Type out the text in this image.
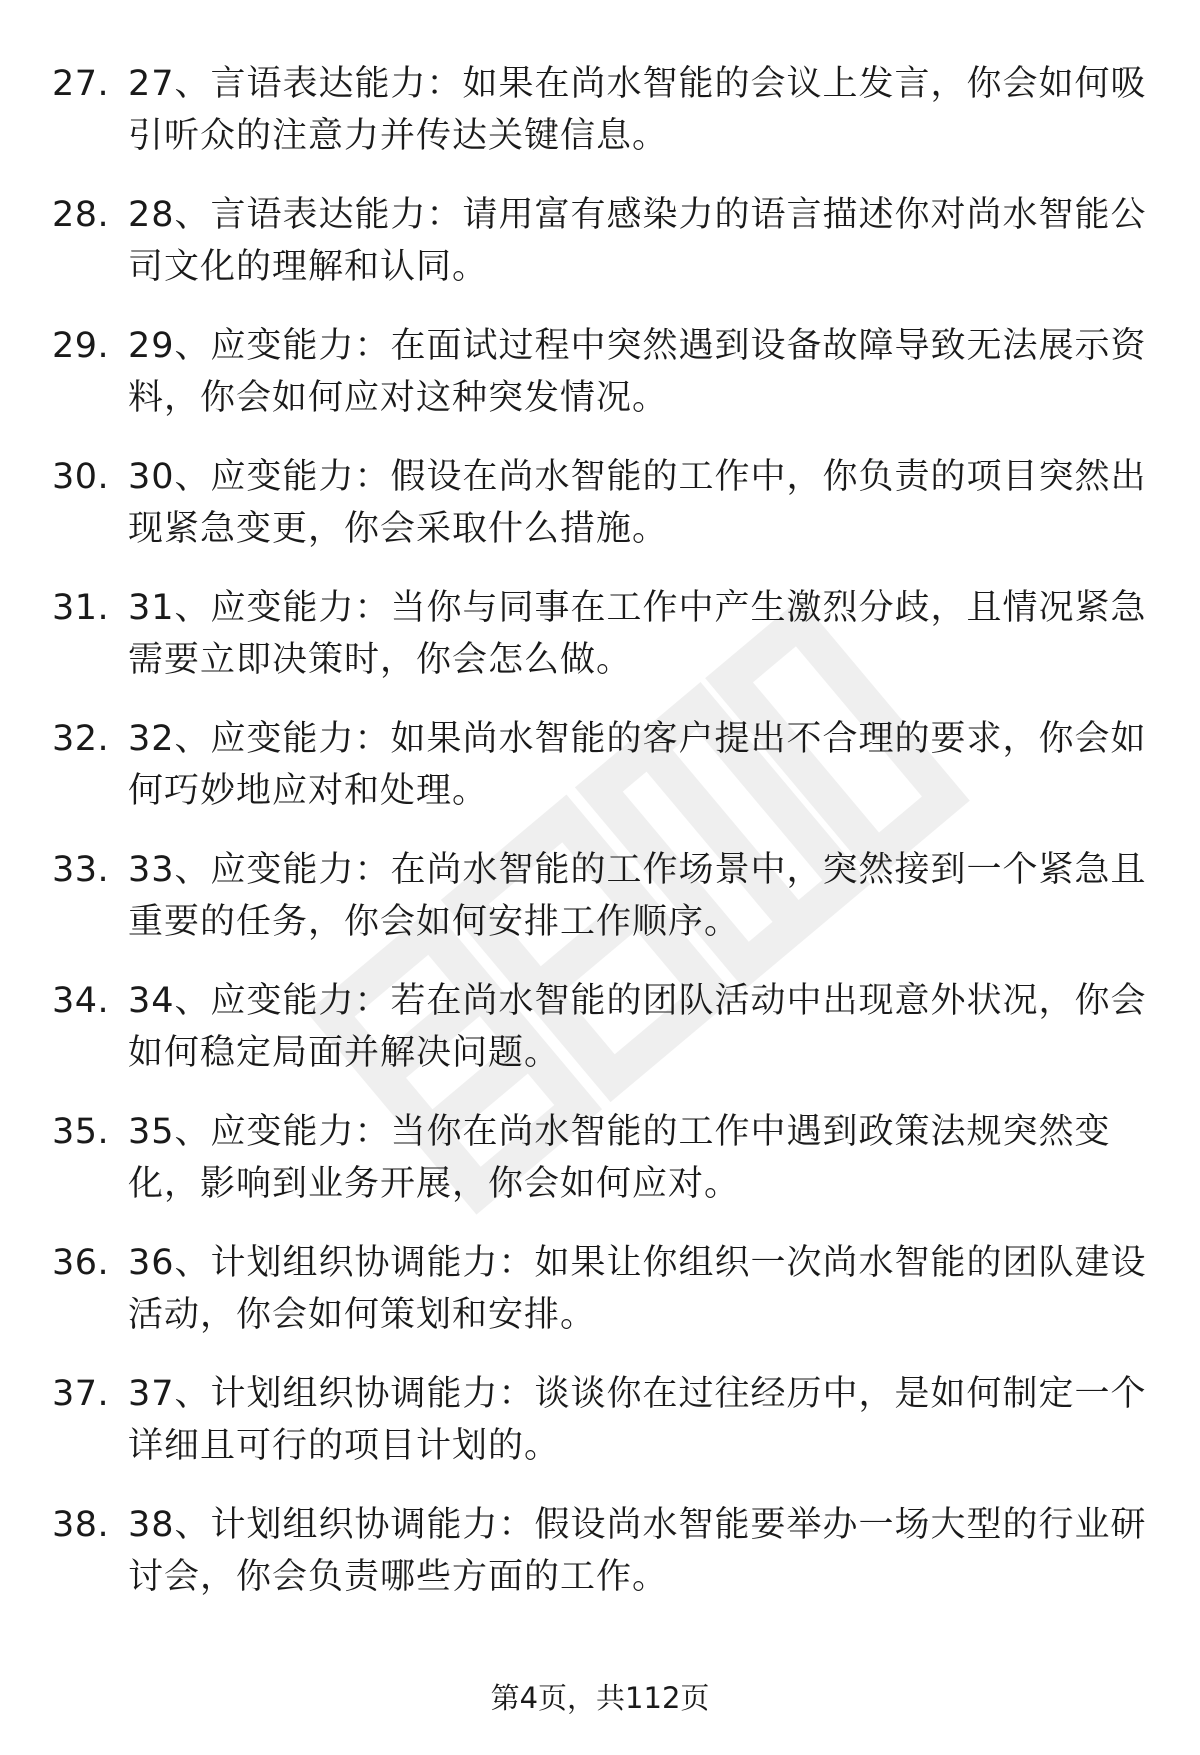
27. 27、言语表达能力：如果在尚水智能的会议上发言，你会如何吸引听众的注意力并传达关键信息。
28. 28、言语表达能力：请用富有感染力的语言描述你对尚水智能公司文化的理解和认同。
29. 29、应变能力：在面试过程中突然遇到设备故障导致无法展示资料，你会如何应对这种突发情况。
30. 30、应变能力：假设在尚水智能的工作中，你负责的项目突然出现紧急变更，你会采取什么措施。
31. 31、应变能力：当你与同事在工作中产生激烈分歧，且情况紧急需要立即决策时，你会怎么做。
32. 32、应变能力：如果尚水智能的客户提出不合理的要求，你会如何巧妙地应对和处理。
33. 33、应变能力：在尚水智能的工作场景中，突然接到一个紧急且重要的任务，你会如何安排工作顺序。
34. 34、应变能力：若在尚水智能的团队活动中出现意外状况，你会如何稳定局面并解决问题。
35. 35、应变能力：当你在尚水智能的工作中遇到政策法规突然变化，影响到业务开展，你会如何应对。
36. 36、计划组织协调能力：如果让你组织一次尚水智能的团队建设活动，你会如何策划和安排。
37. 37、计划组织协调能力：谈谈你在过往经历中，是如何制定一个详细且可行的项目计划的。
38. 38、计划组织协调能力：假设尚水智能要举办一场大型的行业研讨会，你会负责哪些方面的工作。
第4页，共112页
